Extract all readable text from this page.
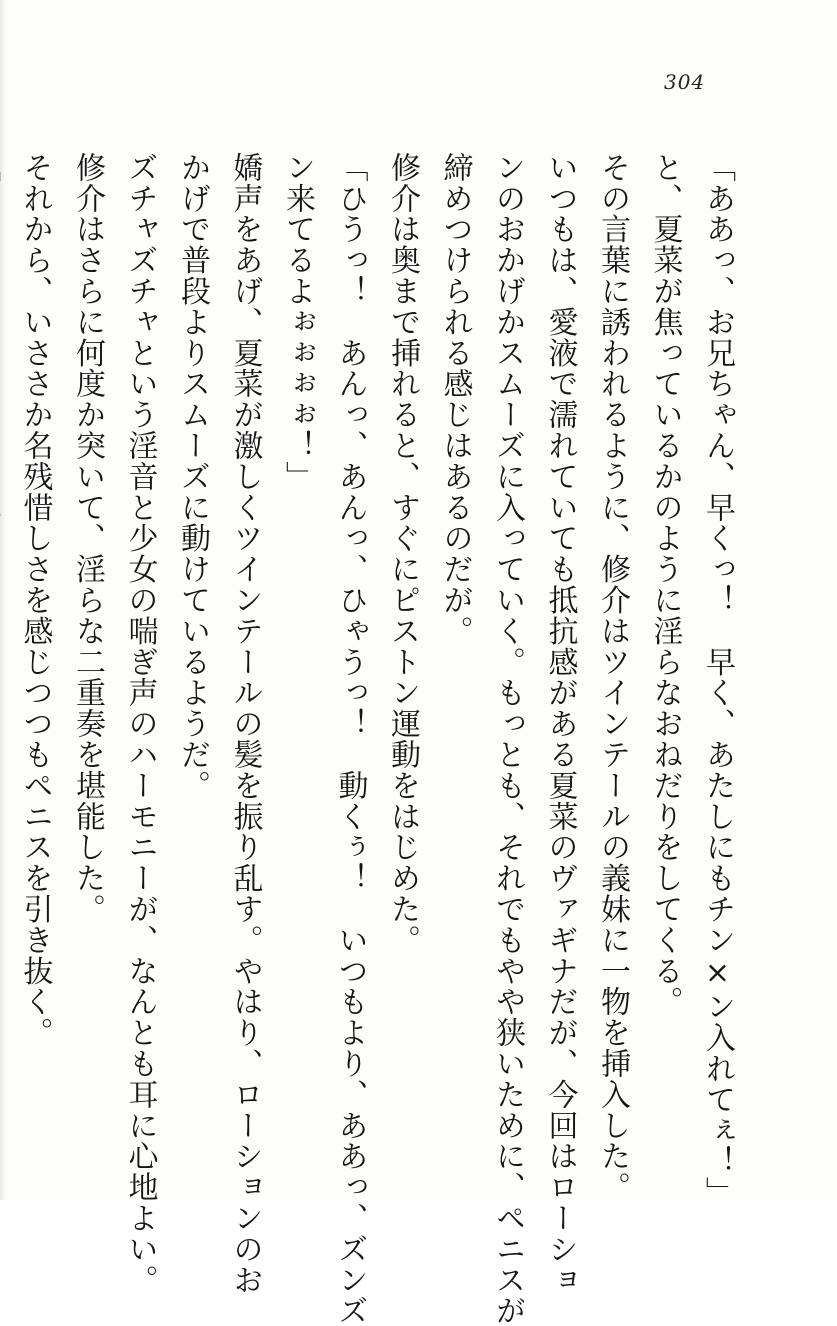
304
「ああっ、お兄ちゃん、早くっ！　早く、あたしにもチン×ン入れてぇ！」
と、夏菜が焦っているかのように淫らなおねだりをしてくる。
その言葉に誘われるように、修介はツインテールの義妹に一物を挿入した。
いつもは、愛液で濡れていても抵抗感がある夏菜のヴァギナだが、今回はローショ
ンのおかげかスムーズに入っていく。もっとも、それでもやや狭いために、ペニスが
締めつけられる感じはあるのだが。
修介は奥まで挿れると、すぐにピストン運動をはじめた。
「ひうっ！　あんっ、あんっ、ひゃうっ！　動くぅ！　いつもより、ああっ、ズンズ
ン来てるよぉぉぉぉ！」
嬌声をあげ、夏菜が激しくツインテールの髪を振り乱す。やはり、ローションのお
かげで普段よりスムーズに動けているようだ。
ズチャズチャという淫音と少女の喘ぎ声のハーモニーが、なんとも耳に心地よい。
修介はさらに何度か突いて、淫らな二重奏を堪能した。
それから、いささか名残惜しさを感じつつもペニスを引き抜く。
